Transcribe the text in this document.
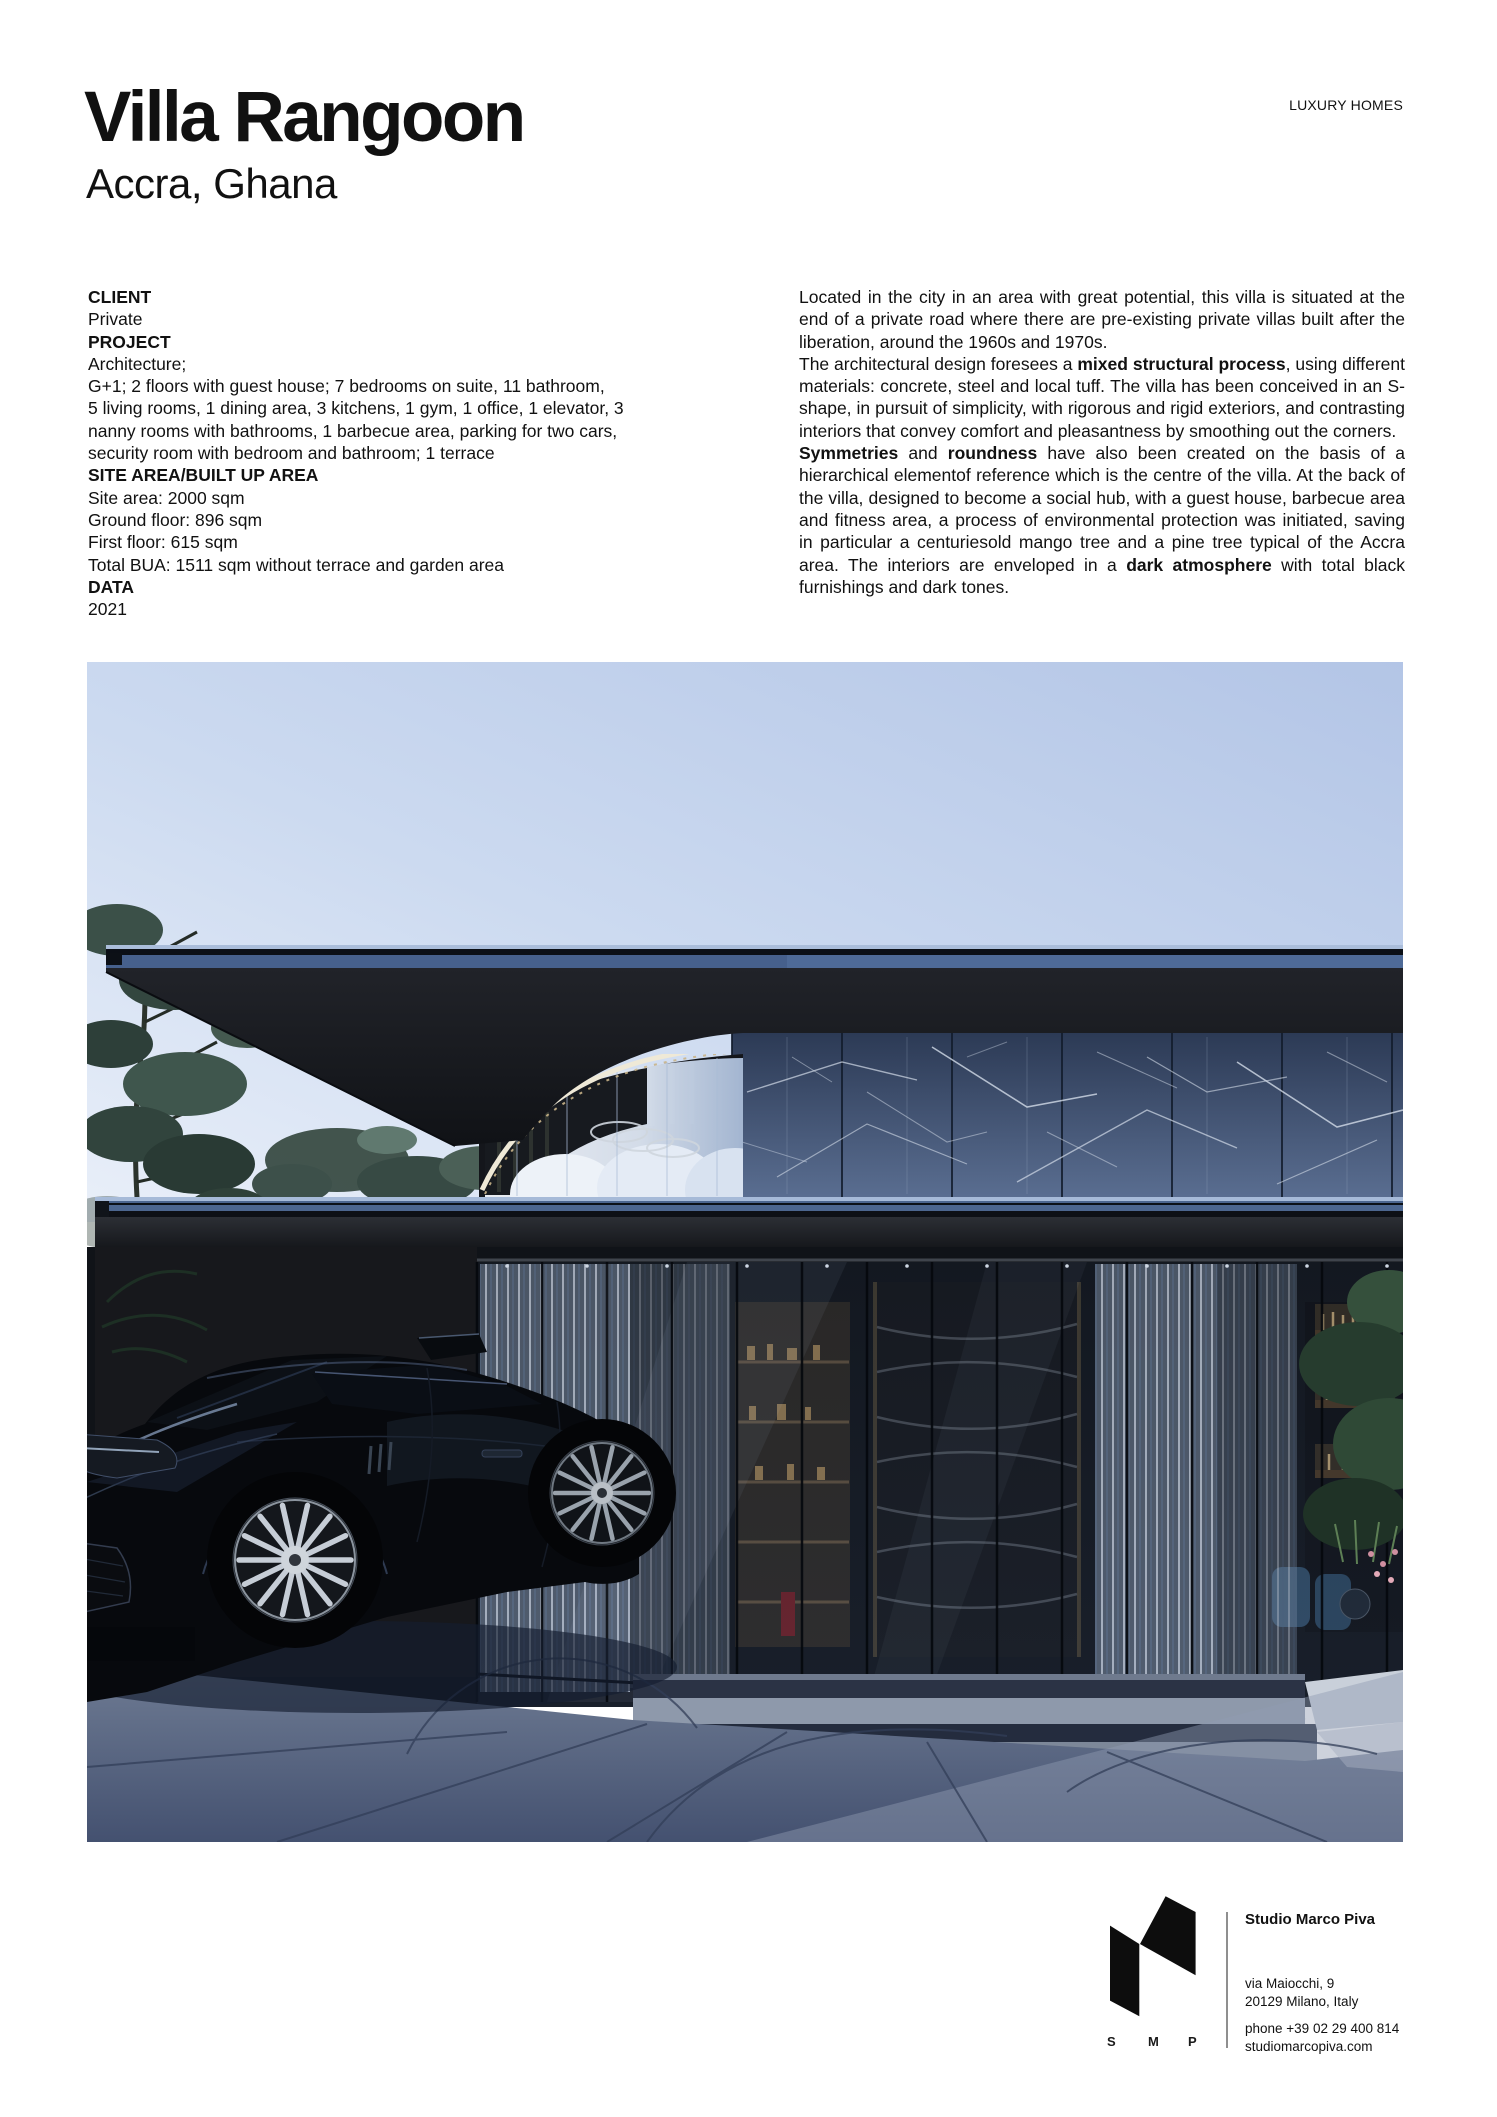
Villa Rangoon
Accra, Ghana
LUXURY HOMES
CLIENT
Private
PROJECT
Architecture;
G+1; 2 floors with guest house; 7 bedrooms on suite, 11 bathroom,
5 living rooms, 1 dining area, 3 kitchens, 1 gym, 1 office, 1 elevator, 3
nanny rooms with bathrooms, 1 barbecue area, parking for two cars,
security room with bedroom and bathroom; 1 terrace
SITE AREA/BUILT UP AREA
Site area: 2000 sqm
Ground floor: 896 sqm
First floor: 615 sqm
Total BUA: 1511 sqm without terrace and garden area
DATA
2021

Located in the city in an area with great potential, this villa is situated at the end of a private road where there are pre-existing private villas built after the liberation, around the 1960s and 1970s.

The architectural design foresees a mixed structural process, using different materials: concrete, steel and local tuff. The villa has been conceived in an S-shape, in pursuit of simplicity, with rigorous and rigid exteriors, and contrasting interiors that convey comfort and pleasantness by smoothing out the corners.

Symmetries and roundness have also been created on the basis of a hierarchical elementof reference which is the centre of the villa. At the back of the villa, designed to become a social hub, with a guest house, barbecue area and fitness area, a process of environmental protection was initiated, saving in particular a centuriesold mango tree and a pine tree typical of the Accra area. The interiors are enveloped in a dark atmosphere with total black furnishings and dark tones.

S M P
Studio Marco Piva
via Maiocchi, 9
20129 Milano, Italy
phone +39 02 29 400 814
studiomarcopiva.com
